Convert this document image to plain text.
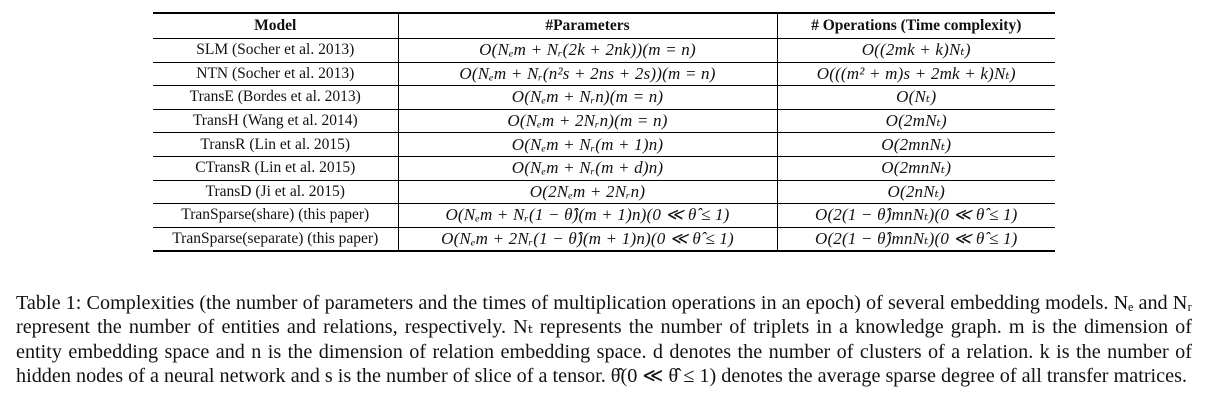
Model	#Parameters	# Operations (Time complexity)
SLM (Socher et al. 2013)	O(Nₑm + Nᵣ(2k + 2nk))(m = n)	O((2mk + k)Nₜ)
NTN (Socher et al. 2013)	O(Nₑm + Nᵣ(n²s + 2ns + 2s))(m = n)	O(((m² + m)s + 2mk + k)Nₜ)
TransE (Bordes et al. 2013)	O(Nₑm + Nᵣn)(m = n)	O(Nₜ)
TransH (Wang et al. 2014)	O(Nₑm + 2Nᵣn)(m = n)	O(2mNₜ)
TransR (Lin et al. 2015)	O(Nₑm + Nᵣ(m + 1)n)	O(2mnNₜ)
CTransR (Lin et al. 2015)	O(Nₑm + Nᵣ(m + d)n)	O(2mnNₜ)
TransD (Ji et al. 2015)	O(2Nₑm + 2Nᵣn)	O(2nNₜ)
TranSparse(share) (this paper)	O(Nₑm + Nᵣ(1 − θ̂)(m + 1)n)(0 ≪ θ̂ ≤ 1)	O(2(1 − θ̂)mnNₜ)(0 ≪ θ̂ ≤ 1)
TranSparse(separate) (this paper)	O(Nₑm + 2Nᵣ(1 − θ̂)(m + 1)n)(0 ≪ θ̂ ≤ 1)	O(2(1 − θ̂)mnNₜ)(0 ≪ θ̂ ≤ 1)

Table 1: Complexities (the number of parameters and the times of multiplication operations in an epoch) of several embedding models. Nₑ and Nᵣ represent the number of entities and relations, respectively. Nₜ represents the number of triplets in a knowledge graph. m is the dimension of entity embedding space and n is the dimension of relation embedding space. d denotes the number of clusters of a relation. k is the number of hidden nodes of a neural network and s is the number of slice of a tensor. θ̂(0 ≪ θ̂ ≤ 1) denotes the average sparse degree of all transfer matrices.
